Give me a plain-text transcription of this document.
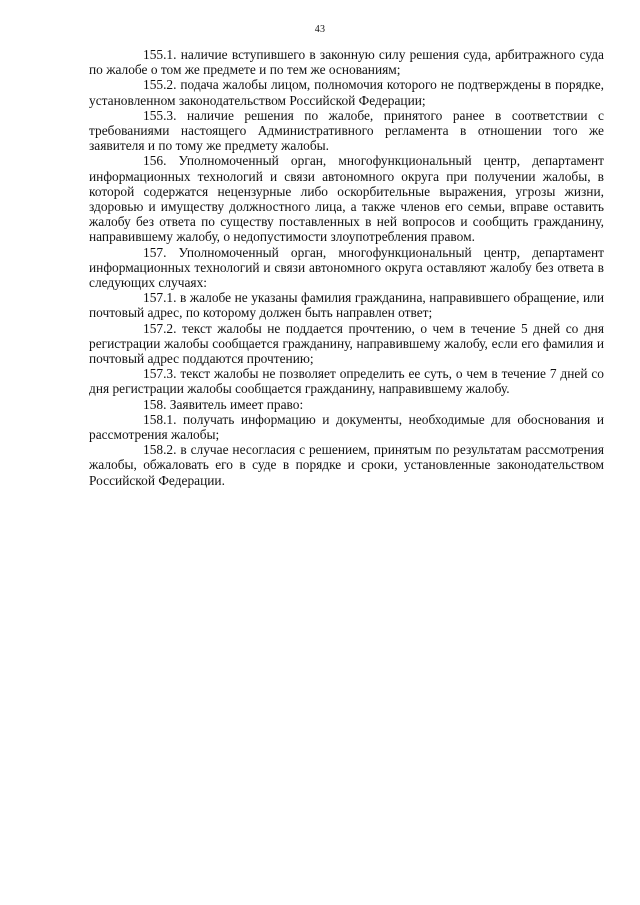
43

155.1. наличие вступившего в законную силу решения суда, арбитражного суда по жалобе о том же предмете и по тем же основаниям;

155.2. подача жалобы лицом, полномочия которого не подтверждены в порядке, установленном законодательством Российской Федерации;

155.3. наличие решения по жалобе, принятого ранее в соответствии с требованиями настоящего Административного регламента в отношении того же заявителя и по тому же предмету жалобы.

156. Уполномоченный орган, многофункциональный центр, департамент информационных технологий и связи автономного округа при получении жалобы, в которой содержатся нецензурные либо оскорбительные выражения, угрозы жизни, здоровью и имуществу должностного лица, а также членов его семьи, вправе оставить жалобу без ответа по существу поставленных в ней вопросов и сообщить гражданину, направившему жалобу, о недопустимости злоупотребления правом.

157. Уполномоченный орган, многофункциональный центр, департамент информационных технологий и связи автономного округа оставляют жалобу без ответа в следующих случаях:

157.1. в жалобе не указаны фамилия гражданина, направившего обращение, или почтовый адрес, по которому должен быть направлен ответ;

157.2. текст жалобы не поддается прочтению, о чем в течение 5 дней со дня регистрации жалобы сообщается гражданину, направившему жалобу, если его фамилия и почтовый адрес поддаются прочтению;

157.3. текст жалобы не позволяет определить ее суть, о чем в течение 7 дней со дня регистрации жалобы сообщается гражданину, направившему жалобу.

158. Заявитель имеет право:

158.1. получать информацию и документы, необходимые для обоснования и рассмотрения жалобы;

158.2. в случае несогласия с решением, принятым по результатам рассмотрения жалобы, обжаловать его в суде в порядке и сроки, установленные законодательством Российской Федерации.
